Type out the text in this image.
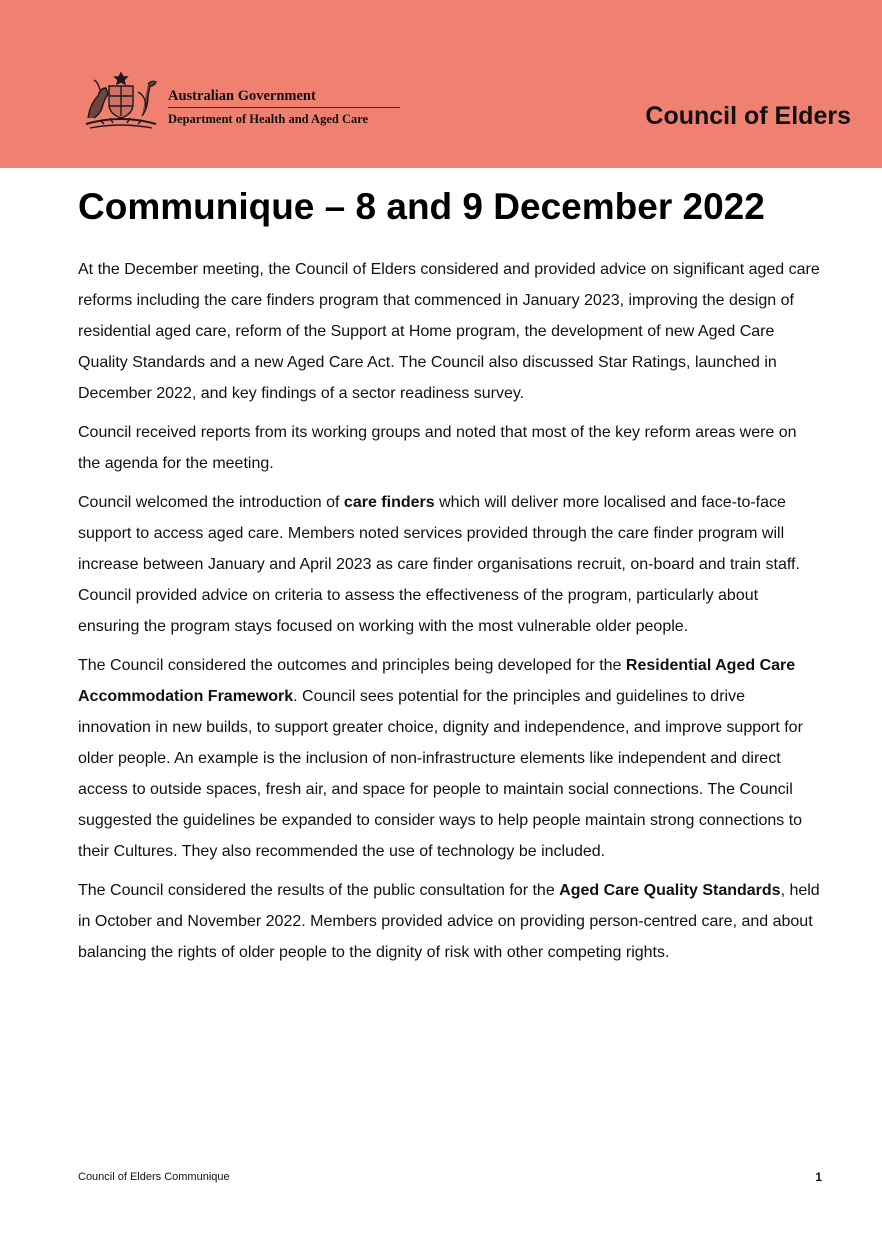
Australian Government
Department of Health and Aged Care	Council of Elders
Communique – 8 and 9 December 2022

At the December meeting, the Council of Elders considered and provided advice on significant aged care reforms including the care finders program that commenced in January 2023, improving the design of residential aged care, reform of the Support at Home program, the development of new Aged Care Quality Standards and a new Aged Care Act. The Council also discussed Star Ratings, launched in December 2022, and key findings of a sector readiness survey.

Council received reports from its working groups and noted that most of the key reform areas were on the agenda for the meeting.

Council welcomed the introduction of care finders which will deliver more localised and face-to-face support to access aged care. Members noted services provided through the care finder program will increase between January and April 2023 as care finder organisations recruit, on-board and train staff. Council provided advice on criteria to assess the effectiveness of the program, particularly about ensuring the program stays focused on working with the most vulnerable older people.

The Council considered the outcomes and principles being developed for the Residential Aged Care Accommodation Framework. Council sees potential for the principles and guidelines to drive innovation in new builds, to support greater choice, dignity and independence, and improve support for older people. An example is the inclusion of non-infrastructure elements like independent and direct access to outside spaces, fresh air, and space for people to maintain social connections. The Council suggested the guidelines be expanded to consider ways to help people maintain strong connections to their Cultures. They also recommended the use of technology be included.

The Council considered the results of the public consultation for the Aged Care Quality Standards, held in October and November 2022. Members provided advice on providing person-centred care, and about balancing the rights of older people to the dignity of risk with other competing rights.

Council of Elders Communique	1
